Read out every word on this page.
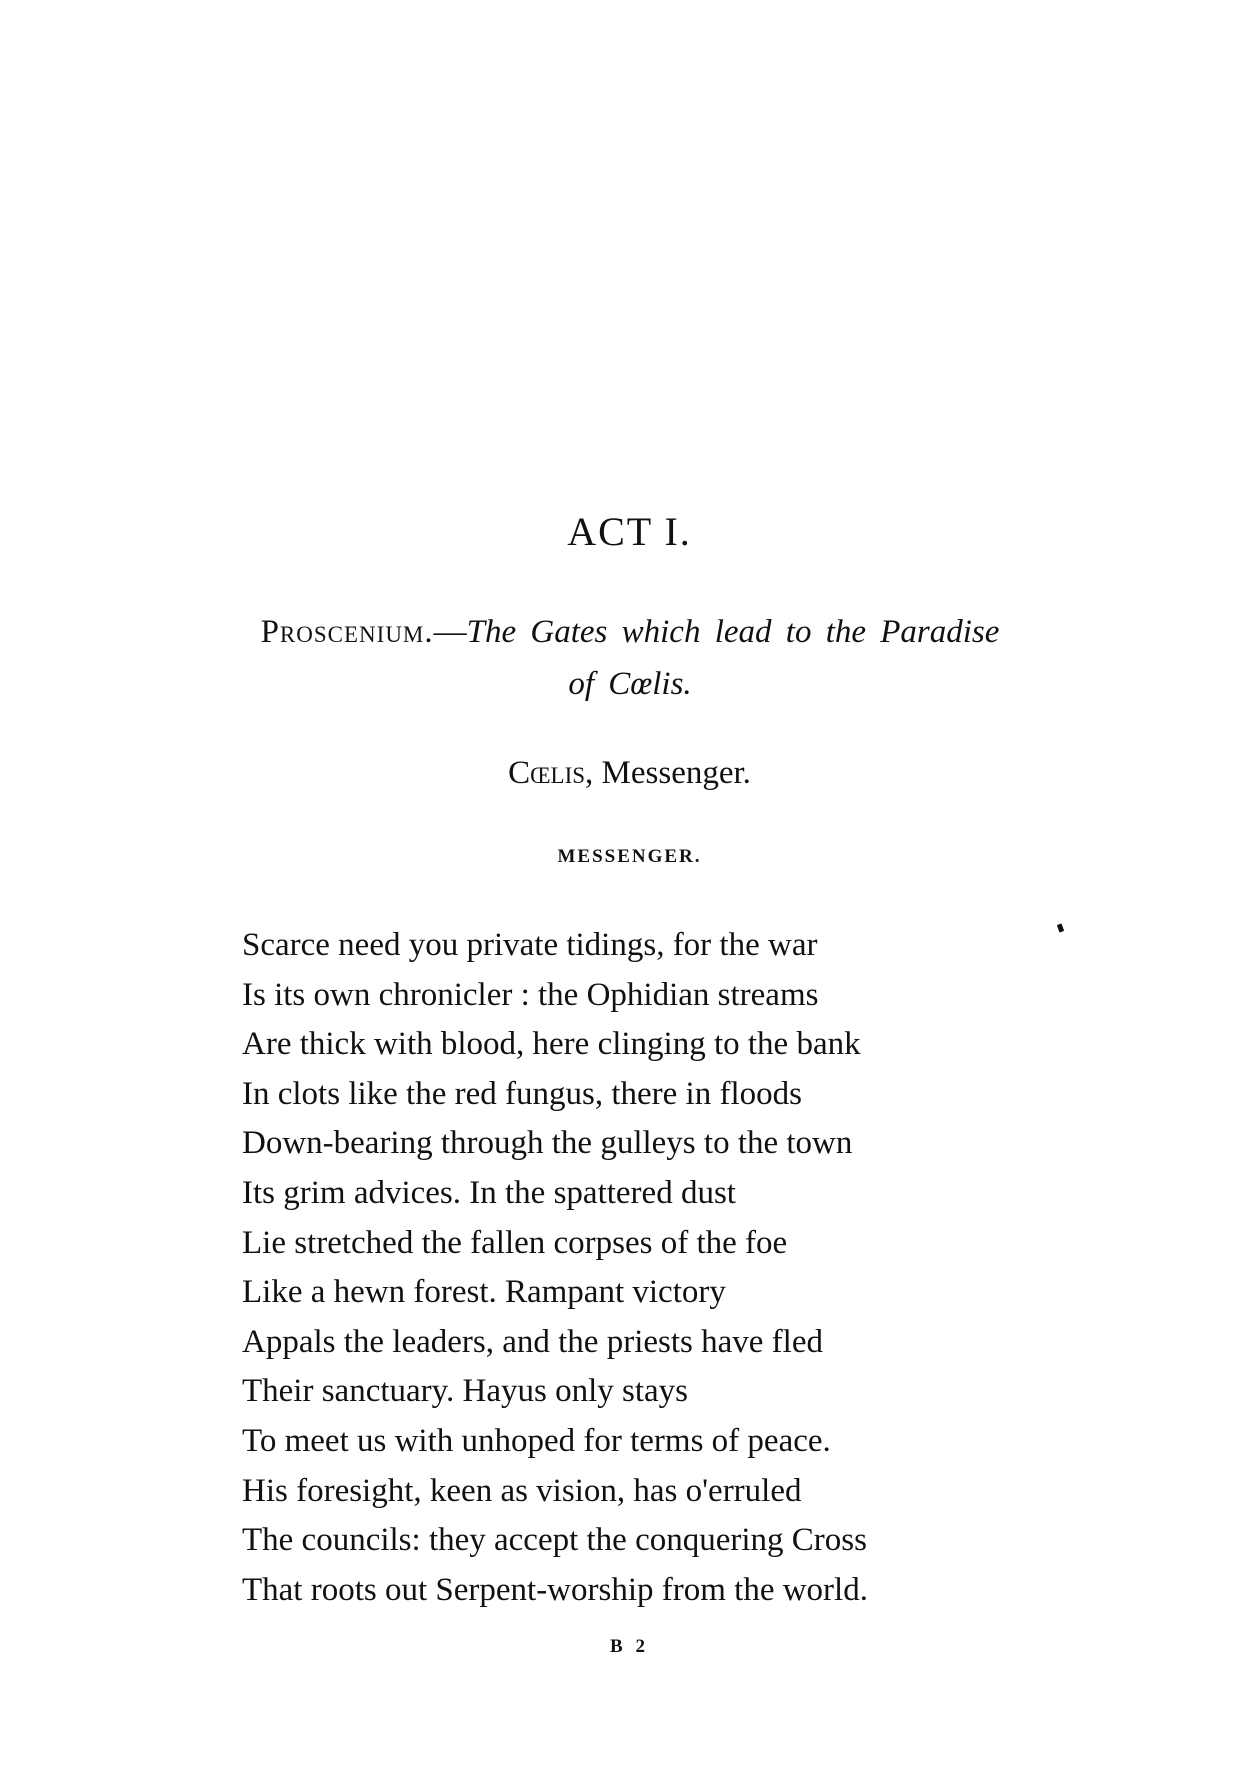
ACT I.
Proscenium.—The Gates which lead to the Paradise
of Cœlis.
Cœlis, Messenger.
MESSENGER.
Scarce need you private tidings, for the war
Is its own chronicler : the Ophidian streams
Are thick with blood, here clinging to the bank
In clots like the red fungus, there in floods
Down-bearing through the gulleys to the town
Its grim advices. In the spattered dust
Lie stretched the fallen corpses of the foe
Like a hewn forest. Rampant victory
Appals the leaders, and the priests have fled
Their sanctuary. Hayus only stays
To meet us with unhoped for terms of peace.
His foresight, keen as vision, has o'erruled
The councils: they accept the conquering Cross
That roots out Serpent-worship from the world.
B 2
